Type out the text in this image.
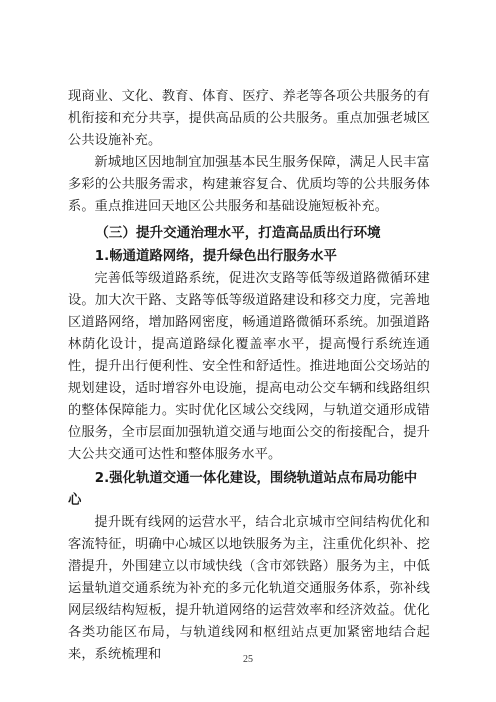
现商业、文化、教育、体育、医疗、养老等各项公共服务的有机衔接和充分共享，提供高品质的公共服务。重点加强老城区公共设施补充。

新城地区因地制宜加强基本民生服务保障，满足人民丰富多彩的公共服务需求，构建兼容复合、优质均等的公共服务体系。重点推进回天地区公共服务和基础设施短板补充。

（三）提升交通治理水平，打造高品质出行环境

1.畅通道路网络，提升绿色出行服务水平

完善低等级道路系统，促进次支路等低等级道路微循环建设。加大次干路、支路等低等级道路建设和移交力度，完善地区道路网络，增加路网密度，畅通道路微循环系统。加强道路林荫化设计，提高道路绿化覆盖率水平，提高慢行系统连通性，提升出行便利性、安全性和舒适性。推进地面公交场站的规划建设，适时增容外电设施，提高电动公交车辆和线路组织的整体保障能力。实时优化区域公交线网，与轨道交通形成错位服务，全市层面加强轨道交通与地面公交的衔接配合，提升大公共交通可达性和整体服务水平。

2.强化轨道交通一体化建设，围绕轨道站点布局功能中心

提升既有线网的运营水平，结合北京城市空间结构优化和客流特征，明确中心城区以地铁服务为主，注重优化织补、挖潜提升，外围建立以市域快线（含市郊铁路）服务为主，中低运量轨道交通系统为补充的多元化轨道交通服务体系，弥补线网层级结构短板，提升轨道网络的运营效率和经济效益。优化各类功能区布局，与轨道线网和枢纽站点更加紧密地结合起来，系统梳理和	25
